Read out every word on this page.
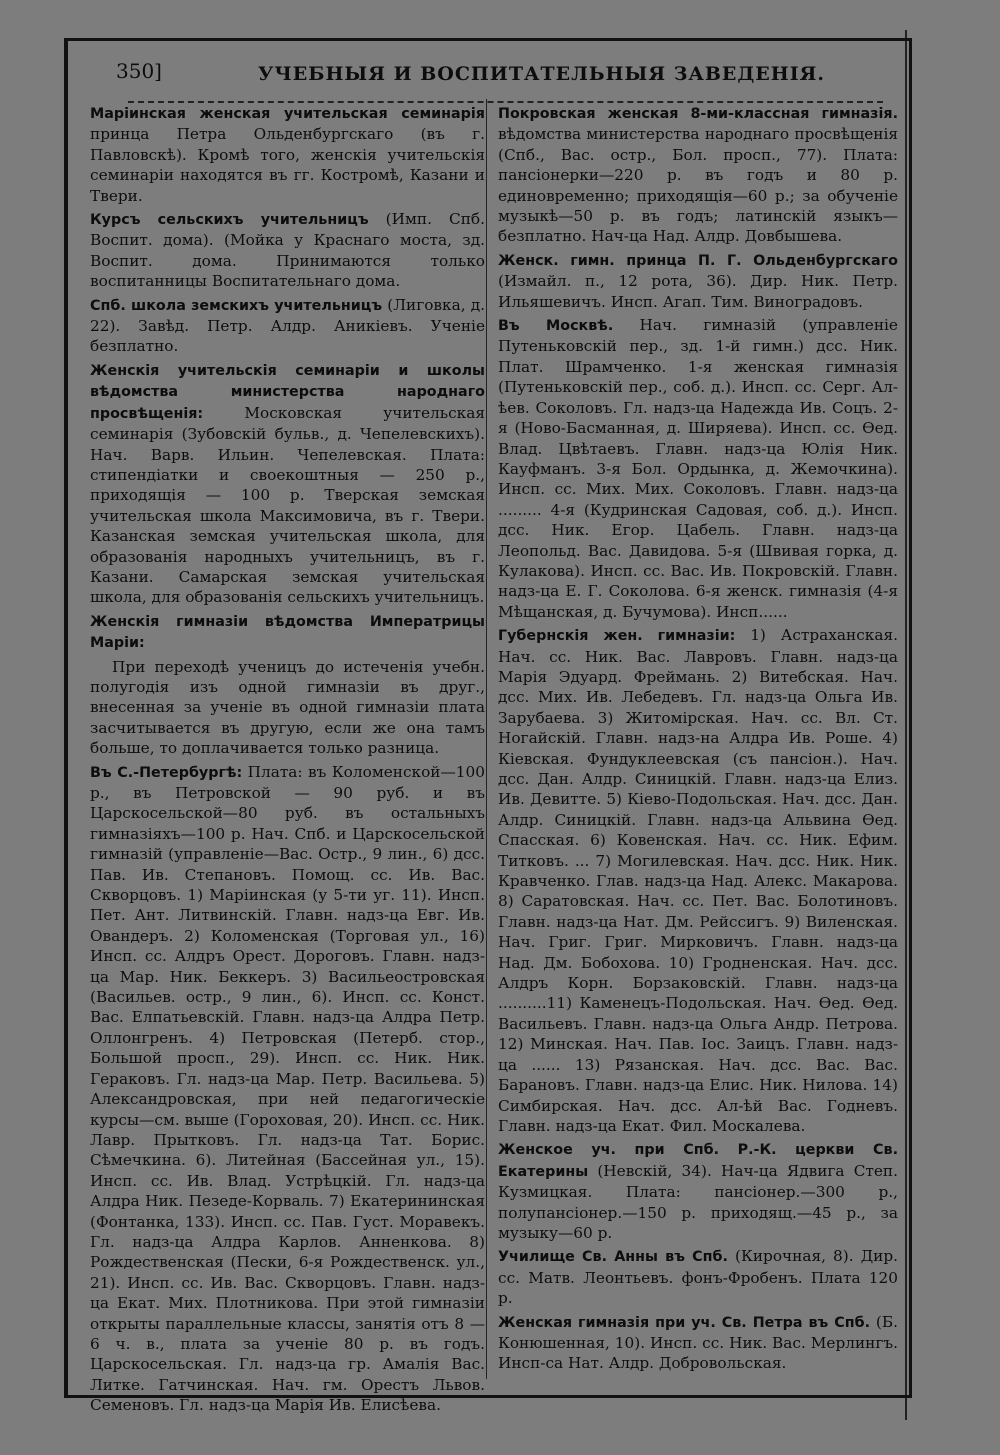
350]	УЧЕБНЫЯ И ВОСПИТАТЕЛЬНЫЯ ЗАВЕДЕНІЯ.

Маріинская женская учительская семинарія принца Петра Ольденбургскаго (въ г. Павловскѣ). Кромѣ того, женскія учительскія семинаріи находятся въ гг. Костромѣ, Казани и Твери.

Курсъ сельскихъ учительницъ (Имп. Спб. Воспит. дома). (Мойка у Краснаго моста, зд. Воспит. дома. Принимаются только воспитанницы Воспитательнаго дома.

Спб. школа земскихъ учительницъ (Лиговка, д. 22). Завѣд. Петр. Алдр. Аникіевъ. Ученіе безплатно.

Женскія учительскія семинаріи и школы вѣдомства министерства народнаго просвѣщенія: Московская учительская семинарія (Зубовскій бульв., д. Чепелевскихъ). Нач. Варв. Ильин. Чепелевская. Плата: стипендіатки и своекоштныя — 250 р., приходящія — 100 р. Тверская земская учительская школа Максимовича, въ г. Твери. Казанская земская учительская школа, для образованія народныхъ учительницъ, въ г. Казани. Самарская земская учительская школа, для образованія сельскихъ учительницъ.

Женскія гимназіи вѣдомства Императрицы Маріи:

При переходѣ ученицъ до истеченія учебн. полугодія изъ одной гимназіи въ друг., внесенная за ученіе въ одной гимназіи плата засчитывается въ другую, если же она тамъ больше, то доплачивается только разница.

Въ С.-Петербургѣ: Плата: въ Коломенской—100 р., въ Петровской — 90 руб. и въ Царскосельской—80 руб. въ остальныхъ гимназіяхъ—100 р. Нач. Спб. и Царскосельской гимназій (управленіе—Вас. Остр., 9 лин., 6) дсс. Пав. Ив. Степановъ. Помощ. сс. Ив. Вас. Скворцовъ. 1) Маріинская (у 5-ти уг. 11). Инсп. Пет. Ант. Литвинскій. Главн. надз-ца Евг. Ив. Овандеръ. 2) Коломенская (Торговая ул., 16) Инсп. сс. Алдръ Орест. Дороговъ. Главн. надз-ца Мар. Ник. Беккеръ. 3) Васильеостровская (Васильев. остр., 9 лин., 6). Инсп. сс. Конст. Вас. Елпатьевскій. Главн. надз-ца Алдра Петр. Оллонгренъ. 4) Петровская (Петерб. стор., Большой просп., 29). Инсп. сс. Ник. Ник. Гераковъ. Гл. надз-ца Мар. Петр. Васильева. 5) Александровская, при ней педагогическіе курсы—см. выше (Гороховая, 20). Инсп. сс. Ник. Лавр. Прытковъ. Гл. надз-ца Тат. Борис. Сѣмечкина. 6). Литейная (Бассейная ул., 15). Инсп. сс. Ив. Влад. Устрѣцкій. Гл. надз-ца Алдра Ник. Пезеде-Корваль. 7) Екатерининская (Фонтанка, 133). Инсп. сс. Пав. Густ. Моравекъ. Гл. надз-ца Алдра Карлов. Анненкова. 8) Рождественская (Пески, 6-я Рождественск. ул., 21). Инсп. сс. Ив. Вас. Скворцовъ. Главн. надз-ца Екат. Мих. Плотникова. При этой гимназіи открыты параллельные классы, занятія отъ 8 — 6 ч. в., плата за ученіе 80 р. въ годъ. Царскосельская. Гл. надз-ца гр. Амалія Вас. Литке. Гатчинская. Нач. гм. Орестъ Львов. Семеновъ. Гл. надз-ца Марія Ив. Елисѣева.

Покровская женская 8-ми-классная гимназія. вѣдомства министерства народнаго просвѣщенія (Спб., Вас. остр., Бол. просп., 77). Плата: пансіонерки—220 р. въ годъ и 80 р. единовременно; приходящія—60 р.; за обученіе музыкѣ—50 р. въ годъ; латинскій языкъ—безплатно. Нач-ца Над. Алдр. Довбышева.

Женск. гимн. принца П. Г. Ольденбургскаго (Измайл. п., 12 рота, 36). Дир. Ник. Петр. Ильяшевичъ. Инсп. Агап. Тим. Виноградовъ.

Въ Москвѣ. Нач. гимназій (управленіе Путеньковскій пер., зд. 1-й гимн.) дсс. Ник. Плат. Шрамченко. 1-я женская гимназія (Путеньковскій пер., соб. д.). Инсп. сс. Серг. Ал-ѣев. Соколовъ. Гл. надз-ца Надежда Ив. Соцъ. 2-я (Ново-Басманная, д. Ширяева). Инсп. сс. Ѳед. Влад. Цвѣтаевъ. Главн. надз-ца Юлія Ник. Кауфманъ. 3-я Бол. Ордынка, д. Жемочкина). Инсп. сс. Мих. Мих. Соколовъ. Главн. надз-ца ......... 4-я (Кудринская Садовая, соб. д.). Инсп. дсс. Ник. Егор. Цабель. Главн. надз-ца Леопольд. Вас. Давидова. 5-я (Швивая горка, д. Кулакова). Инсп. сс. Вас. Ив. Покровскій. Главн. надз-ца Е. Г. Соколова. 6-я женск. гимназія (4-я Мѣщанская, д. Бучумова). Инсп......

Губернскія жен. гимназіи: 1) Астраханская. Нач. сс. Ник. Вас. Лавровъ. Главн. надз-ца Марія Эдуард. Фреймань. 2) Витебская. Нач. дсс. Мих. Ив. Лебедевъ. Гл. надз-ца Ольга Ив. Зарубаева. 3) Житомірская. Нач. сс. Вл. Ст. Ногайскій. Главн. надз-на Алдра Ив. Роше. 4) Кіевская. Фундуклеевская (съ пансіон.). Нач. дсс. Дан. Алдр. Синицкій. Главн. надз-ца Елиз. Ив. Девитте. 5) Кіево-Подольская. Нач. дсс. Дан. Алдр. Синицкій. Главн. надз-ца Альвина Ѳед. Спасская. 6) Ковенская. Нач. сс. Ник. Ефим. Титковъ. ... 7) Могилевская. Нач. дсс. Ник. Ник. Кравченко. Глав. надз-ца Над. Алекс. Макарова. 8) Саратовская. Нач. сс. Пет. Вас. Болотиновъ. Главн. надз-ца Нат. Дм. Рейссигъ. 9) Виленская. Нач. Григ. Григ. Мирковичъ. Главн. надз-ца Над. Дм. Бобохова. 10) Гродненская. Нач. дсс. Алдръ Корн. Борзаковскій. Главн. надз-ца ..........11) Каменецъ-Подольская. Нач. Ѳед. Ѳед. Васильевъ. Главн. надз-ца Ольга Андр. Петрова. 12) Минская. Нач. Пав. Іос. Заицъ. Главн. надз-ца ...... 13) Рязанская. Нач. дсс. Вас. Вас. Барановъ. Главн. надз-ца Елис. Ник. Нилова. 14) Симбирская. Нач. дсс. Ал-ѣй Вас. Годневъ. Главн. надз-ца Екат. Фил. Москалева.

Женское уч. при Спб. Р.-К. церкви Св. Екатерины (Невскій, 34). Нач-ца Ядвига Степ. Кузмицкая. Плата: пансіонер.—300 р., полупансіонер.—150 р. приходящ.—45 р., за музыку—60 р.

Училище Св. Анны въ Спб. (Кирочная, 8). Дир. сс. Матв. Леонтьевъ. фонъ-Фробенъ. Плата 120 р.

Женская гимназія при уч. Св. Петра въ Спб. (Б. Конюшенная, 10). Инсп. сс. Ник. Вас. Мерлингъ. Инсп-са Нат. Алдр. Добровольская.
